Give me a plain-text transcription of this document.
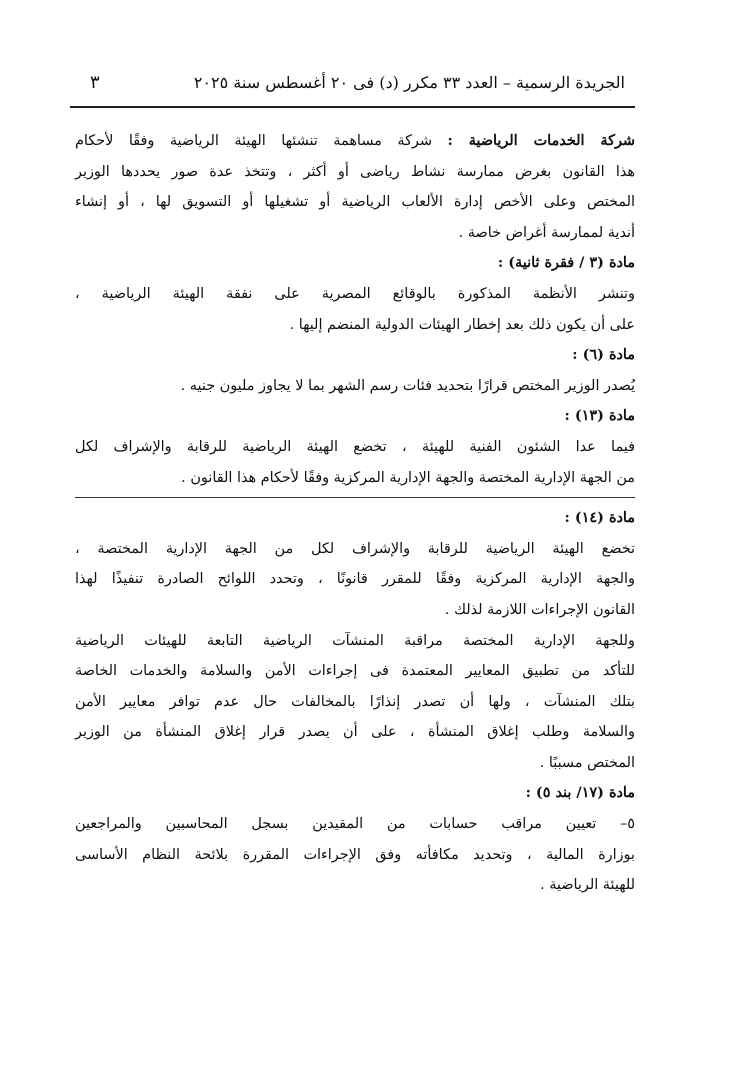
الجريدة الرسمية – العدد ٣٣ مكرر (د) فى ٢٠ أغسطس سنة ٢٠٢٥
٣

شركة الخدمات الرياضية : شركة مساهمة تنشئها الهيئة الرياضية وفقًا لأحكام

هذا القانون بغرض ممارسة نشاط رياضى أو أكثر ، وتتخذ عدة صور يحددها الوزير

المختص وعلى الأخص إدارة الألعاب الرياضية أو تشغيلها أو التسويق لها ، أو إنشاء

أندية لممارسة أغراض خاصة .

مادة (٣ / فقرة ثانية) :

وتنشر الأنظمة المذكورة بالوقائع المصرية على نفقة الهيئة الرياضية ،

على أن يكون ذلك بعد إخطار الهيئات الدولية المنضم إليها .

مادة (٦) :

يُصدر الوزير المختص قرارًا بتحديد فئات رسم الشهر بما لا يجاوز مليون جنيه .

مادة (١٣) :

فيما عدا الشئون الفنية للهيئة ، تخضع الهيئة الرياضية للرقابة والإشراف لكل

من الجهة الإدارية المختصة والجهة الإدارية المركزية وفقًا لأحكام هذا القانون .

مادة (١٤) :

تخضع الهيئة الرياضية للرقابة والإشراف لكل من الجهة الإدارية المختصة ،

والجهة الإدارية المركزية وفقًا للمقرر قانونًا ، وتحدد اللوائح الصادرة تنفيذًا لهذا

القانون الإجراءات اللازمة لذلك .

وللجهة الإدارية المختصة مراقبة المنشآت الرياضية التابعة للهيئات الرياضية

للتأكد من تطبيق المعايير المعتمدة فى إجراءات الأمن والسلامة والخدمات الخاصة

بتلك المنشآت ، ولها أن تصدر إنذارًا بالمخالفات حال عدم توافر معايير الأمن

والسلامة وطلب إغلاق المنشأة ، على أن يصدر قرار إغلاق المنشأة من الوزير

المختص مسببًا .

مادة (١٧/ بند ٥) :

٥– تعيين مراقب حسابات من المقيدين بسجل المحاسبين والمراجعين

بوزارة المالية ، وتحديد مكافأته وفق الإجراءات المقررة بلائحة النظام الأساسى

للهيئة الرياضية .
